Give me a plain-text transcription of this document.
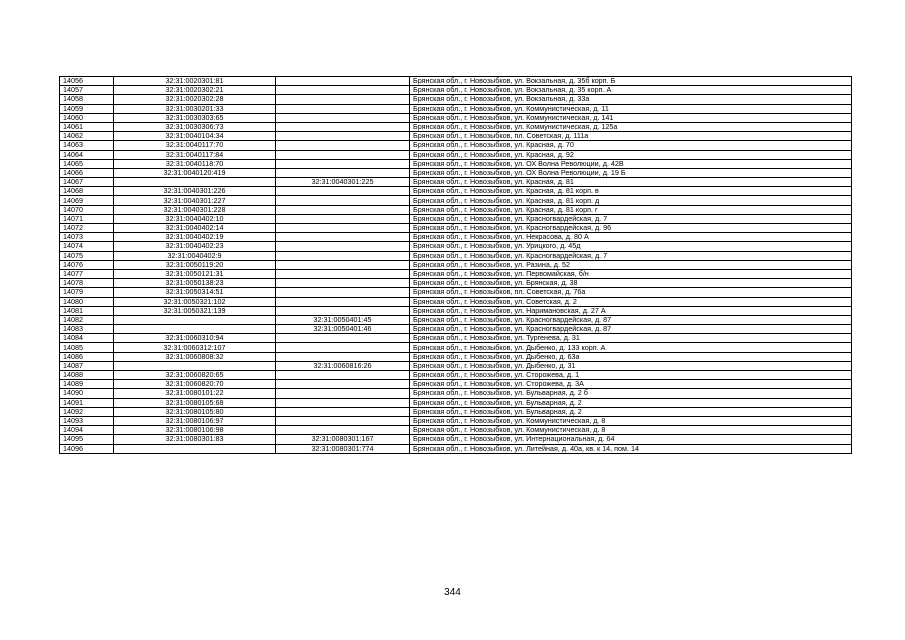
14056	32:31:0020301:81		Брянская обл., г. Новозыбков, ул. Вокзальная, д. 35б корп. Б
14057	32:31:0020302:21		Брянская обл., г. Новозыбков, ул. Вокзальная, д. 35 корп. А
14058	32:31:0020302:28		Брянская обл., г. Новозыбков, ул. Вокзальная, д. 33а
14059	32:31:0030201:33		Брянская обл., г. Новозыбков, ул. Коммунистическая, д. 11
14060	32:31:0030303:65		Брянская обл., г. Новозыбков, ул. Коммунистическая, д. 141
14061	32:31:0030306:73		Брянская обл., г. Новозыбков, ул. Коммунистическая, д. 125а
14062	32:31:0040104:34		Брянская обл., г. Новозыбков, пл. Советская, д. 111а
14063	32:31:0040117:70		Брянская обл., г. Новозыбков, ул. Красная, д. 70
14064	32:31:0040117:84		Брянская обл., г. Новозыбков, ул. Красная, д. 92
14065	32:31:0040118:70		Брянская обл., г. Новозыбков, ул. ОХ Волна Революции, д. 42В
14066	32:31:0040120:419		Брянская обл., г. Новозыбков, ул. ОХ Волна Революции, д. 19 Б
14067		32:31:0040301:225	Брянская обл., г. Новозыбков, ул. Красная, д. 81
14068	32:31:0040301:226		Брянская обл., г. Новозыбков, ул. Красная, д. 81 корп. в
14069	32:31:0040301:227		Брянская обл., г. Новозыбков, ул. Красная, д. 81 корп. д
14070	32:31:0040301:228		Брянская обл., г. Новозыбков, ул. Красная, д. 81 корп. г
14071	32:31:0040402:10		Брянская обл., г. Новозыбков, ул. Красногвардейская, д. 7
14072	32:31:0040402:14		Брянская обл., г. Новозыбков, ул. Красногвардейская, д. 96
14073	32:31:0040402:19		Брянская обл., г. Новозыбков, ул. Некрасова, д. 80 А
14074	32:31:0040402:23		Брянская обл., г. Новозыбков, ул. Урицкого, д. 45д
14075	32:31:0040402:9		Брянская обл., г. Новозыбков, ул. Красногвардейская, д. 7
14076	32:31:0050119:20		Брянская обл., г. Новозыбков, ул. Разина, д. 52
14077	32:31:0050121:31		Брянская обл., г. Новозыбков, ул. Первомайская, б/н
14078	32:31:0050138:23		Брянская обл., г. Новозыбков, ул. Брянская, д. 38
14079	32:31:0050314:51		Брянская обл., г. Новозыбков, пл. Советская, д. 76а
14080	32:31:0050321:102		Брянская обл., г. Новозыбков, ул. Советская, д. 2
14081	32:31:0050321:139		Брянская обл., г. Новозыбков, ул. Наримановская, д. 27 А
14082		32:31:0050401:45	Брянская обл., г. Новозыбков, ул. Красногвардейская, д. 87
14083		32:31:0050401:46	Брянская обл., г. Новозыбков, ул. Красногвардейская, д. 87
14084	32:31:0060310:94		Брянская обл., г. Новозыбков, ул. Тургенева, д. 31
14085	32:31:0060312:107		Брянская обл., г. Новозыбков, ул. Дыбенко, д. 133 корп. А
14086	32:31:0060808:32		Брянская обл., г. Новозыбков, ул. Дыбенко, д. 63а
14087		32:31:0060816:26	Брянская обл., г. Новозыбков, ул. Дыбенко, д. 31
14088	32:31:0060820:65		Брянская обл., г. Новозыбков, ул. Сторожева, д. 1
14089	32:31:0060820:70		Брянская обл., г. Новозыбков, ул. Сторожева, д. 3А
14090	32:31:0080101:22		Брянская обл., г. Новозыбков, ул. Бульварная, д. 2 б
14091	32:31:0080105:68		Брянская обл., г. Новозыбков, ул. Бульварная, д. 2
14092	32:31:0080105:80		Брянская обл., г. Новозыбков, ул. Бульварная, д. 2
14093	32:31:0080106:97		Брянская обл., г. Новозыбков, ул. Коммунистическая, д. 8
14094	32:31:0080106:98		Брянская обл., г. Новозыбков, ул. Коммунистическая, д. 8
14095	32:31:0080301:83	32:31:0080301:167	Брянская обл., г. Новозыбков, ул. Интернациональная, д. 64
14096		32:31:0080301:774	Брянская обл., г. Новозыбков, ул. Литейная, д. 40а, кв. к 14, пом. 14
344
